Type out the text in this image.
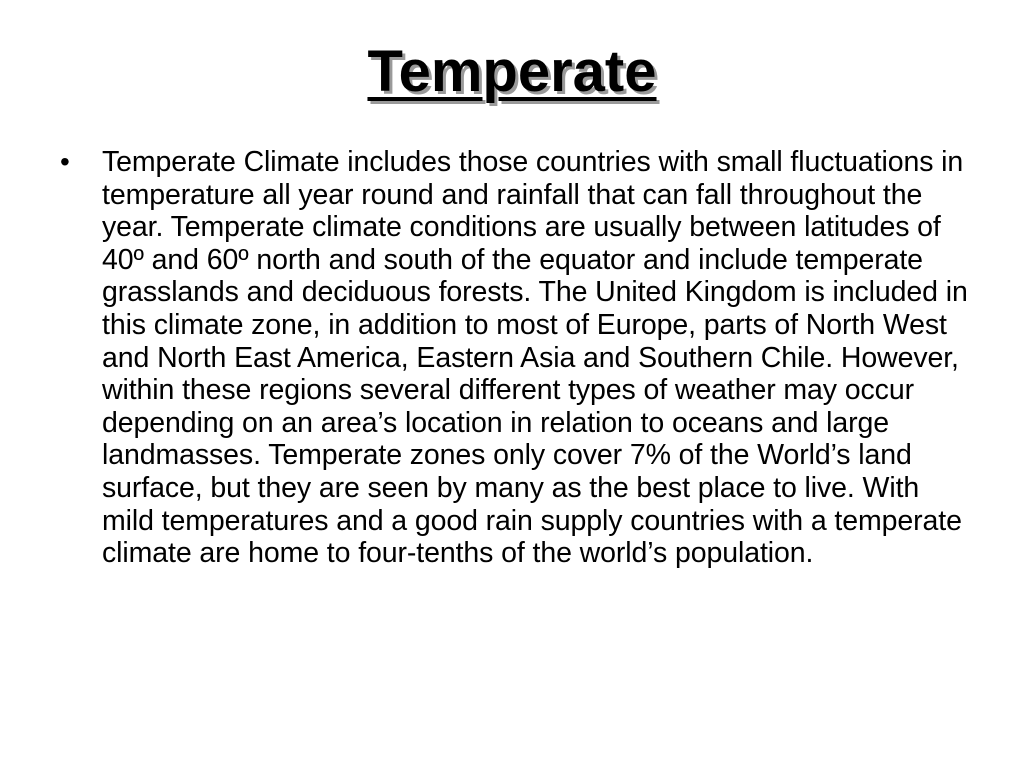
Temperate
• Temperate Climate includes those countries with small fluctuations in temperature all year round and rainfall that can fall throughout the year. Temperate climate conditions are usually between latitudes of 40º and 60º north and south of the equator and include temperate grasslands and deciduous forests. The United Kingdom is included in this climate zone, in addition to most of Europe, parts of North West and North East America, Eastern Asia and Southern Chile. However, within these regions several different types of weather may occur depending on an area’s location in relation to oceans and large landmasses. Temperate zones only cover 7% of the World’s land surface, but they are seen by many as the best place to live. With mild temperatures and a good rain supply countries with a temperate climate are home to four-tenths of the world’s population.
